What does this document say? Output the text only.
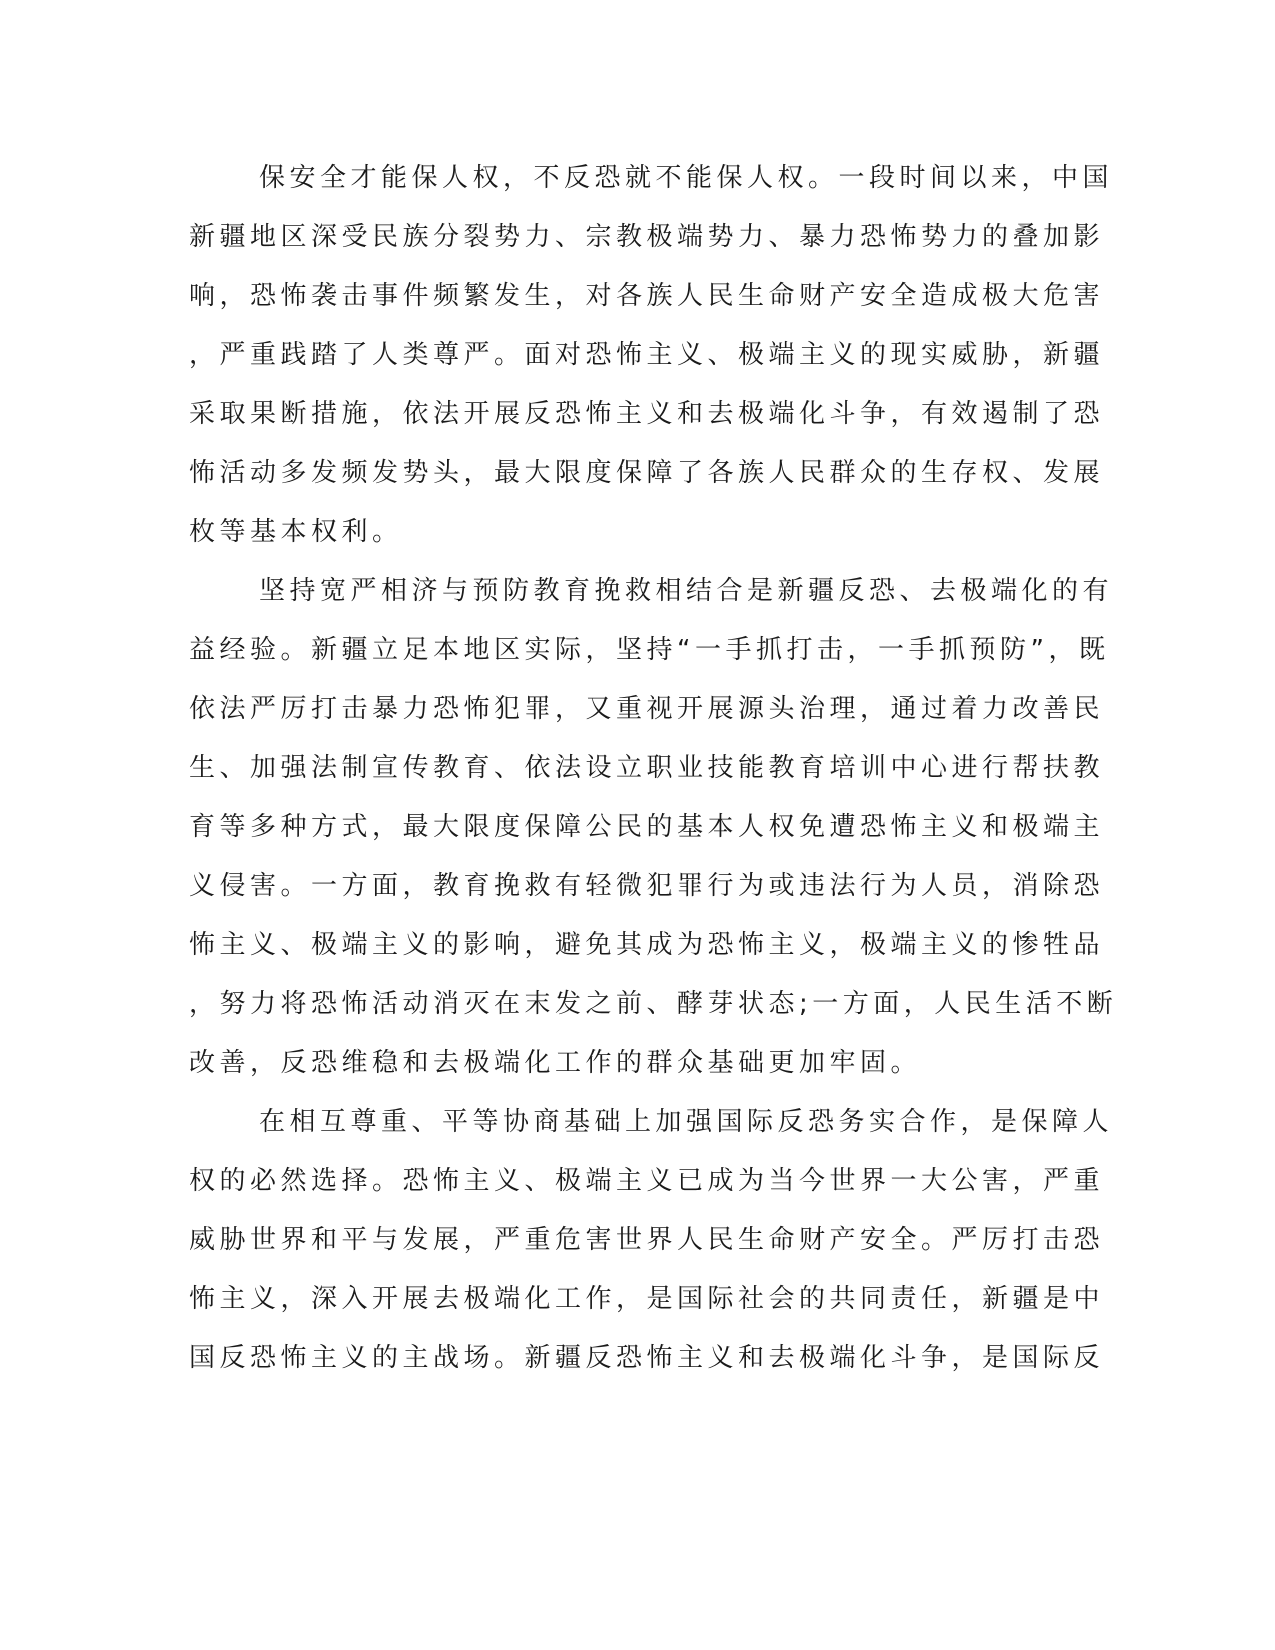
保安全才能保人权，不反恐就不能保人权。一段时间以来，中国
新疆地区深受民族分裂势力、宗教极端势力、暴力恐怖势力的叠加影
响，恐怖袭击事件频繁发生，对各族人民生命财产安全造成极大危害
，严重践踏了人类尊严。面对恐怖主义、极端主义的现实威胁，新疆
采取果断措施，依法开展反恐怖主义和去极端化斗争，有效遏制了恐
怖活动多发频发势头，最大限度保障了各族人民群众的生存权、发展
枚等基本权利。
坚持宽严相济与预防教育挽救相结合是新疆反恐、去极端化的有
益经验。新疆立足本地区实际，坚持“一手抓打击，一手抓预防”，既
依法严厉打击暴力恐怖犯罪，又重视开展源头治理，通过着力改善民
生、加强法制宣传教育、依法设立职业技能教育培训中心进行帮扶教
育等多种方式，最大限度保障公民的基本人权免遭恐怖主义和极端主
义侵害。一方面，教育挽救有轻微犯罪行为或违法行为人员，消除恐
怖主义、极端主义的影响，避免其成为恐怖主义，极端主义的惨牲品
，努力将恐怖活动消灭在末发之前、酵芽状态;一方面，人民生活不断
改善，反恐维稳和去极端化工作的群众基础更加牢固。
在相互尊重、平等协商基础上加强国际反恐务实合作，是保障人
权的必然选择。恐怖主义、极端主义已成为当今世界一大公害，严重
威胁世界和平与发展，严重危害世界人民生命财产安全。严厉打击恐
怖主义，深入开展去极端化工作，是国际社会的共同责任，新疆是中
国反恐怖主义的主战场。新疆反恐怖主义和去极端化斗争，是国际反
